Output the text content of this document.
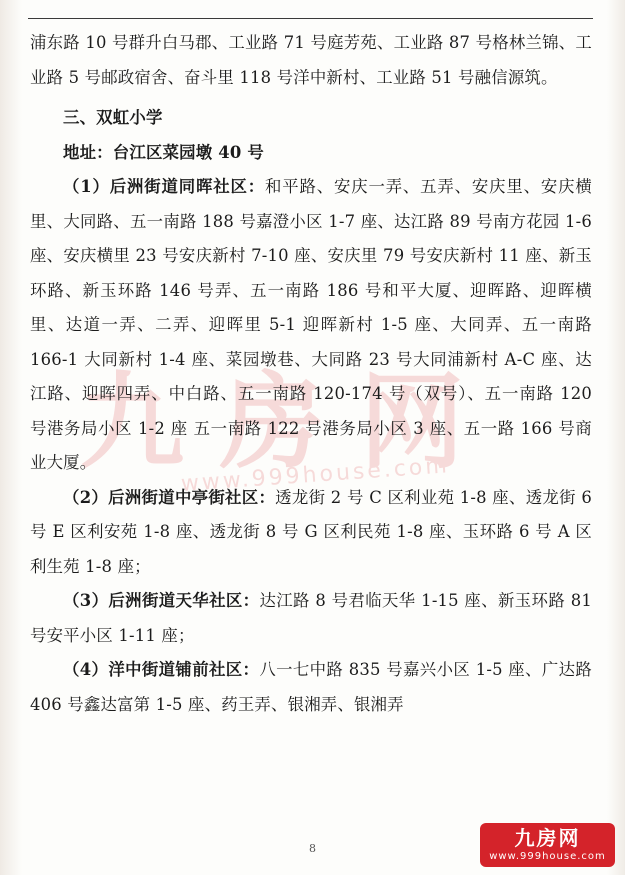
九 房 网
www.999house.com

浦东路 10 号群升白马郡、工业路 71 号庭芳苑、工业路 87 号格林兰锦、工业路 5 号邮政宿舍、奋斗里 118 号洋中新村、工业路 51 号融信源筑。

三、双虹小学

地址：台江区菜园墩 40 号

（1）后洲街道同晖社区：和平路、安庆一弄、五弄、安庆里、安庆横里、大同路、五一南路 188 号嘉澄小区 1-7 座、达江路 89 号南方花园 1-6 座、安庆横里 23 号安庆新村 7-10 座、安庆里 79 号安庆新村 11 座、新玉环路、新玉环路 146 号弄、五一南路 186 号和平大厦、迎晖路、迎晖横里、达道一弄、二弄、迎晖里 5-1 迎晖新村 1-5 座、大同弄、五一南路 166-1 大同新村 1-4 座、菜园墩巷、大同路 23 号大同浦新村 A-C 座、达江路、迎晖四弄、中白路、五一南路 120-174 号（双号）、五一南路 120 号港务局小区 1-2 座 五一南路 122 号港务局小区 3 座、五一路 166 号商业大厦。

（2）后洲街道中亭街社区：透龙街 2 号 C 区利业苑 1-8 座、透龙街 6 号 E 区利安苑 1-8 座、透龙街 8 号 G 区利民苑 1-8 座、玉环路 6 号 A 区利生苑 1-8 座；

（3）后洲街道天华社区：达江路 8 号君临天华 1-15 座、新玉环路 81 号安平小区 1-11 座；

（4）洋中街道铺前社区：八一七中路 835 号嘉兴小区 1-5 座、广达路 406 号鑫达富第 1-5 座、药王弄、银湘弄、银湘弄

8	九房网
www.999house.com
